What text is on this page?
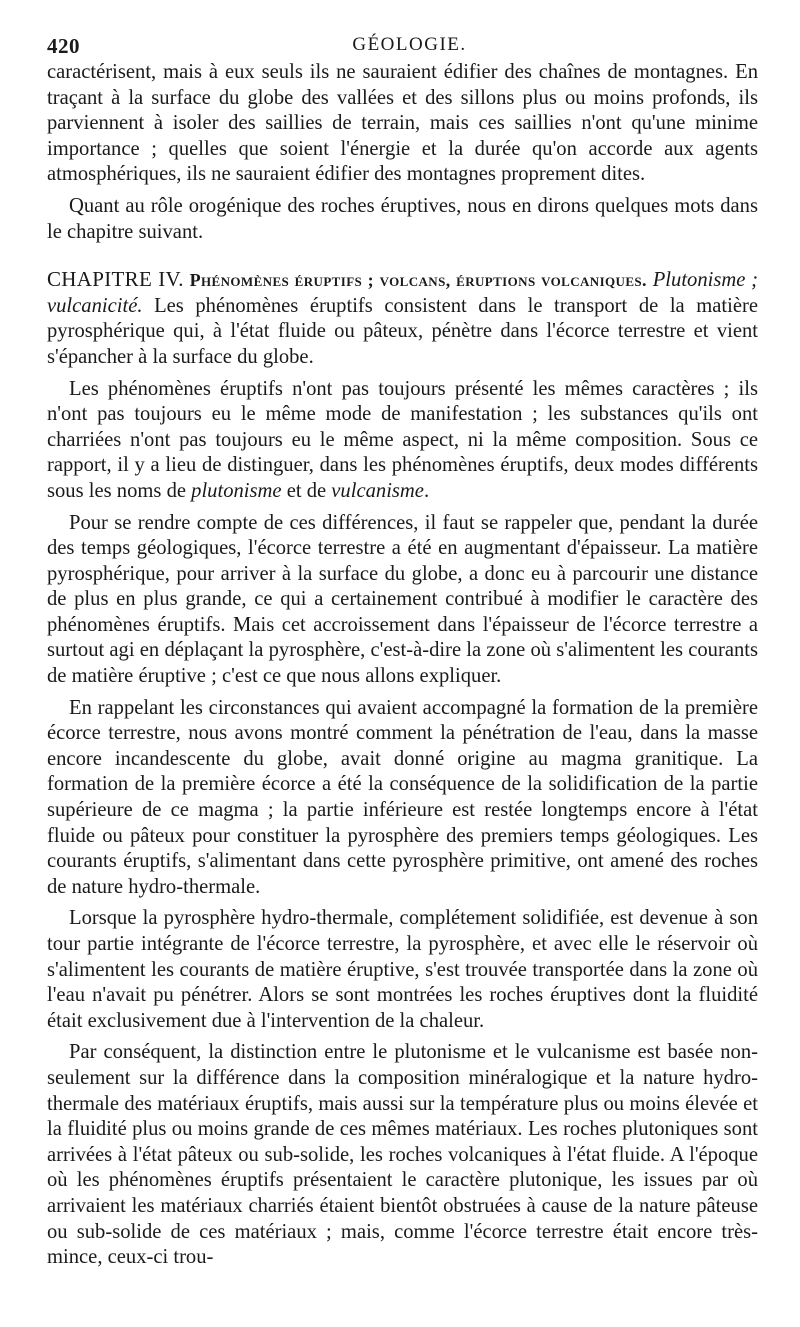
420	GÉOLOGIE.

caractérisent, mais à eux seuls ils ne sauraient édifier des chaînes de montagnes. En traçant à la surface du globe des vallées et des sillons plus ou moins profonds, ils parviennent à isoler des saillies de terrain, mais ces saillies n'ont qu'une minime importance ; quelles que soient l'énergie et la durée qu'on accorde aux agents atmosphériques, ils ne sauraient édifier des montagnes proprement dites.

Quant au rôle orogénique des roches éruptives, nous en dirons quelques mots dans le chapitre suivant.

CHAPITRE IV. Phénomènes éruptifs ; volcans, éruptions volcaniques. Plutonisme ; vulcanicité. Les phénomènes éruptifs consistent dans le transport de la matière pyrosphérique qui, à l'état fluide ou pâteux, pénètre dans l'écorce terrestre et vient s'épancher à la surface du globe.

Les phénomènes éruptifs n'ont pas toujours présenté les mêmes caractères ; ils n'ont pas toujours eu le même mode de manifestation ; les substances qu'ils ont charriées n'ont pas toujours eu le même aspect, ni la même composition. Sous ce rapport, il y a lieu de distinguer, dans les phénomènes éruptifs, deux modes différents sous les noms de plutonisme et de vulcanisme.

Pour se rendre compte de ces différences, il faut se rappeler que, pendant la durée des temps géologiques, l'écorce terrestre a été en augmentant d'épaisseur. La matière pyrosphérique, pour arriver à la surface du globe, a donc eu à parcourir une distance de plus en plus grande, ce qui a certainement contribué à modifier le caractère des phénomènes éruptifs. Mais cet accroissement dans l'épaisseur de l'écorce terrestre a surtout agi en déplaçant la pyrosphère, c'est-à-dire la zone où s'alimentent les courants de matière éruptive ; c'est ce que nous allons expliquer.

En rappelant les circonstances qui avaient accompagné la formation de la première écorce terrestre, nous avons montré comment la pénétration de l'eau, dans la masse encore incandescente du globe, avait donné origine au magma granitique. La formation de la première écorce a été la conséquence de la solidification de la partie supérieure de ce magma ; la partie inférieure est restée longtemps encore à l'état fluide ou pâteux pour constituer la pyrosphère des premiers temps géologiques. Les courants éruptifs, s'alimentant dans cette pyrosphère primitive, ont amené des roches de nature hydro-thermale.

Lorsque la pyrosphère hydro-thermale, complétement solidifiée, est devenue à son tour partie intégrante de l'écorce terrestre, la pyrosphère, et avec elle le réservoir où s'alimentent les courants de matière éruptive, s'est trouvée transportée dans la zone où l'eau n'avait pu pénétrer. Alors se sont montrées les roches éruptives dont la fluidité était exclusivement due à l'intervention de la chaleur.

Par conséquent, la distinction entre le plutonisme et le vulcanisme est basée non-seulement sur la différence dans la composition minéralogique et la nature hydro-thermale des matériaux éruptifs, mais aussi sur la température plus ou moins élevée et la fluidité plus ou moins grande de ces mêmes matériaux. Les roches plutoniques sont arrivées à l'état pâteux ou sub-solide, les roches volcaniques à l'état fluide. A l'époque où les phénomènes éruptifs présentaient le caractère plutonique, les issues par où arrivaient les matériaux charriés étaient bientôt obstruées à cause de la nature pâteuse ou sub-solide de ces matériaux ; mais, comme l'écorce terrestre était encore très-mince, ceux-ci trou-
